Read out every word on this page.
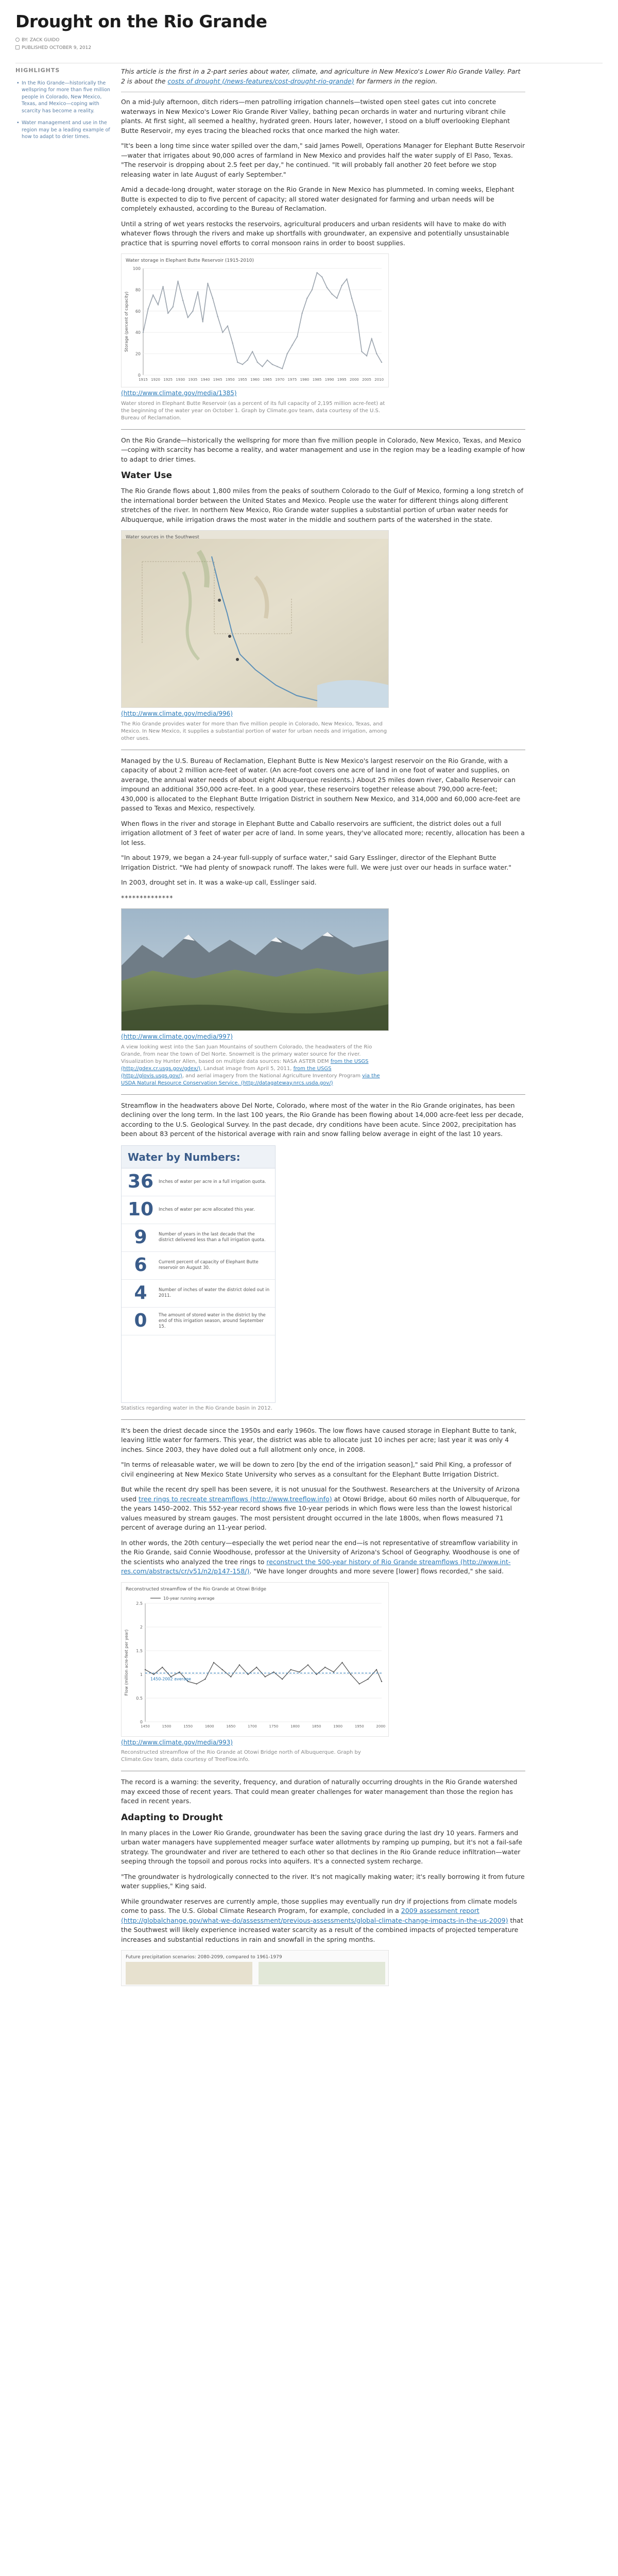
Drought on the Rio Grande
BY: ZACK GUIDO
PUBLISHED OCTOBER 9, 2012
HIGHLIGHTS
• In the Rio Grande—historically the wellspring for more than five million people in Colorado, New Mexico, Texas, and Mexico—coping with scarcity has become a reality.
• Water management and use in the region may be a leading example of how to adapt to drier times.

This article is the first in a 2-part series about water, climate, and agriculture in New Mexico's Lower Rio Grande Valley. Part 2 is about the costs of drought (/news-features/cost-drought-rio-grande) for farmers in the region.

On a mid-July afternoon, ditch riders—men patrolling irrigation channels—twisted open steel gates cut into concrete waterways in New Mexico's Lower Rio Grande River Valley, bathing pecan orchards in water and nurturing vibrant chile plants. At first sight, all seemed a healthy, hydrated green. Hours later, however, I stood on a bluff overlooking Elephant Butte Reservoir, my eyes tracing the bleached rocks that once marked the high water.

"It's been a long time since water spilled over the dam," said James Powell, Operations Manager for Elephant Butte Reservoir—water that irrigates about 90,000 acres of farmland in New Mexico and provides half the water supply of El Paso, Texas. "The reservoir is dropping about 2.5 feet per day," he continued. "It will probably fall another 20 feet before we stop releasing water in late August of early September."

Amid a decade-long drought, water storage on the Rio Grande in New Mexico has plummeted. In coming weeks, Elephant Butte is expected to dip to five percent of capacity; all stored water designated for farming and urban needs will be completely exhausted, according to the Bureau of Reclamation.

Until a string of wet years restocks the reservoirs, agricultural producers and urban residents will have to make do with whatever flows through the rivers and make up shortfalls with groundwater, an expensive and potentially unsustainable practice that is spurring novel efforts to corral monsoon rains in order to boost supplies.

Water storage in Elephant Butte Reservoir (1915-2010)
0
20
40
60
80
100
1915 1920 1925 1930 1935 1940 1945 1950 1955 1960 1965 1970 1975 1980 1985 1990 1995 2000 2005 2010
Storage (percent of capacity)
(http://www.climate.gov/media/1385)
Water stored in Elephant Butte Reservoir (as a percent of its full capacity of 2,195 million acre-feet) at the beginning of the water year on October 1. Graph by Climate.gov team, data courtesy of the U.S. Bureau of Reclamation.

On the Rio Grande—historically the wellspring for more than five million people in Colorado, New Mexico, Texas, and Mexico—coping with scarcity has become a reality, and water management and use in the region may be a leading example of how to adapt to drier times.

Water Use

The Rio Grande flows about 1,800 miles from the peaks of southern Colorado to the Gulf of Mexico, forming a long stretch of the international border between the United States and Mexico. People use the water for different things along different stretches of the river. In northern New Mexico, Rio Grande water supplies a substantial portion of urban water needs for Albuquerque, while irrigation draws the most water in the middle and southern parts of the watershed in the state.

Water sources in the Southwest
(http://www.climate.gov/media/996)
The Rio Grande provides water for more than five million people in Colorado, New Mexico, Texas, and Mexico. In New Mexico, it supplies a substantial portion of water for urban needs and irrigation, among other uses.

Managed by the U.S. Bureau of Reclamation, Elephant Butte is New Mexico's largest reservoir on the Rio Grande, with a capacity of about 2 million acre-feet of water. (An acre-foot covers one acre of land in one foot of water and supplies, on average, the annual water needs of about eight Albuquerque residents.) About 25 miles down river, Caballo Reservoir can impound an additional 350,000 acre-feet. In a good year, these reservoirs together release about 790,000 acre-feet; 430,000 is allocated to the Elephant Butte Irrigation District in southern New Mexico, and 314,000 and 60,000 acre-feet are passed to Texas and Mexico, respectively.

When flows in the river and storage in Elephant Butte and Caballo reservoirs are sufficient, the district doles out a full irrigation allotment of 3 feet of water per acre of land. In some years, they've allocated more; recently, allocation has been a lot less.

"In about 1979, we began a 24-year full-supply of surface water," said Gary Esslinger, director of the Elephant Butte Irrigation District. "We had plenty of snowpack runoff. The lakes were full. We were just over our heads in surface water."

In 2003, drought set in. It was a wake-up call, Esslinger said.

**************

(http://www.climate.gov/media/997)
A view looking west into the San Juan Mountains of southern Colorado, the headwaters of the Rio Grande, from near the town of Del Norte. Snowmelt is the primary water source for the river. Visualization by Hunter Allen, based on multiple data sources: NASA ASTER DEM from the USGS (http://gdex.cr.usgs.gov/gdex/), Landsat image from April 5, 2011, from the USGS (http://glovis.usgs.gov/), and aerial imagery from the National Agriculture Inventory Program via the USDA Natural Resource Conservation Service. (http://datagateway.nrcs.usda.gov/)

Streamflow in the headwaters above Del Norte, Colorado, where most of the water in the Rio Grande originates, has been declining over the long term. In the last 100 years, the Rio Grande has been flowing about 14,000 acre-feet less per decade, according to the U.S. Geological Survey. In the past decade, dry conditions have been acute. Since 2002, precipitation has been about 83 percent of the historical average with rain and snow falling below average in eight of the last 10 years.

Water by Numbers:
36	Inches of water per acre in a full irrigation quota.
10	Inches of water per acre allocated this year.
9	Number of years in the last decade that the district delivered less than a full irrigation quota.
6	Current percent of capacity of Elephant Butte reservoir on August 30.
4	Number of inches of water the district doled out in 2011.
0	The amount of stored water in the district by the end of this irrigation season, around September 15.
Statistics regarding water in the Rio Grande basin in 2012.

It's been the driest decade since the 1950s and early 1960s. The low flows have caused storage in Elephant Butte to tank, leaving little water for farmers. This year, the district was able to allocate just 10 inches per acre; last year it was only 4 inches. Since 2003, they have doled out a full allotment only once, in 2008.

"In terms of releasable water, we will be down to zero [by the end of the irrigation season]," said Phil King, a professor of civil engineering at New Mexico State University who serves as a consultant for the Elephant Butte Irrigation District.

But while the recent dry spell has been severe, it is not unusual for the Southwest. Researchers at the University of Arizona used tree rings to recreate streamflows (http://www.treeflow.info) at Otowi Bridge, about 60 miles north of Albuquerque, for the years 1450–2002. This 552-year record shows five 10-year periods in which flows were less than the lowest historical values measured by stream gauges. The most persistent drought occurred in the late 1800s, when flows measured 71 percent of average during an 11-year period.

In other words, the 20th century—especially the wet period near the end—is not representative of streamflow variability in the Rio Grande, said Connie Woodhouse, professor at the University of Arizona's School of Geography. Woodhouse is one of the scientists who analyzed the tree rings to reconstruct the 500-year history of Rio Grande streamflows (http://www.int-res.com/abstracts/cr/v51/n2/p147-158/). "We have longer droughts and more severe [lower] flows recorded," she said.

Reconstructed streamflow of the Rio Grande at Otowi Bridge
0
0.5
1
1.5
2
2.5
1450	1500	1550	1600	1650	1700	1750	1800	1850	1900	1950	2000
Flow (million acre-feet per year)	1450-2002 average
10-year running average
(http://www.climate.gov/media/993)
Reconstructed streamflow of the Rio Grande at Otowi Bridge north of Albuquerque. Graph by Climate.Gov team, data courtesy of TreeFlow.info.

The record is a warning: the severity, frequency, and duration of naturally occurring droughts in the Rio Grande watershed may exceed those of recent years. That could mean greater challenges for water management than those the region has faced in recent years.

Adapting to Drought

In many places in the Lower Rio Grande, groundwater has been the saving grace during the last dry 10 years. Farmers and urban water managers have supplemented meager surface water allotments by ramping up pumping, but it's not a fail-safe strategy. The groundwater and river are tethered to each other so that declines in the Rio Grande reduce infiltration—water seeping through the topsoil and porous rocks into aquifers. It's a connected system recharge.

"The groundwater is hydrologically connected to the river. It's not magically making water; it's really borrowing it from future water supplies," King said.

While groundwater reserves are currently ample, those supplies may eventually run dry if projections from climate models come to pass. The U.S. Global Climate Research Program, for example, concluded in a 2009 assessment report (http://globalchange.gov/what-we-do/assessment/previous-assessments/global-climate-change-impacts-in-the-us-2009) that the Southwest will likely experience increased water scarcity as a result of the combined impacts of projected temperature increases and substantial reductions in rain and snowfall in the spring months.

Future precipitation scenarios: 2080-2099, compared to 1961-1979
